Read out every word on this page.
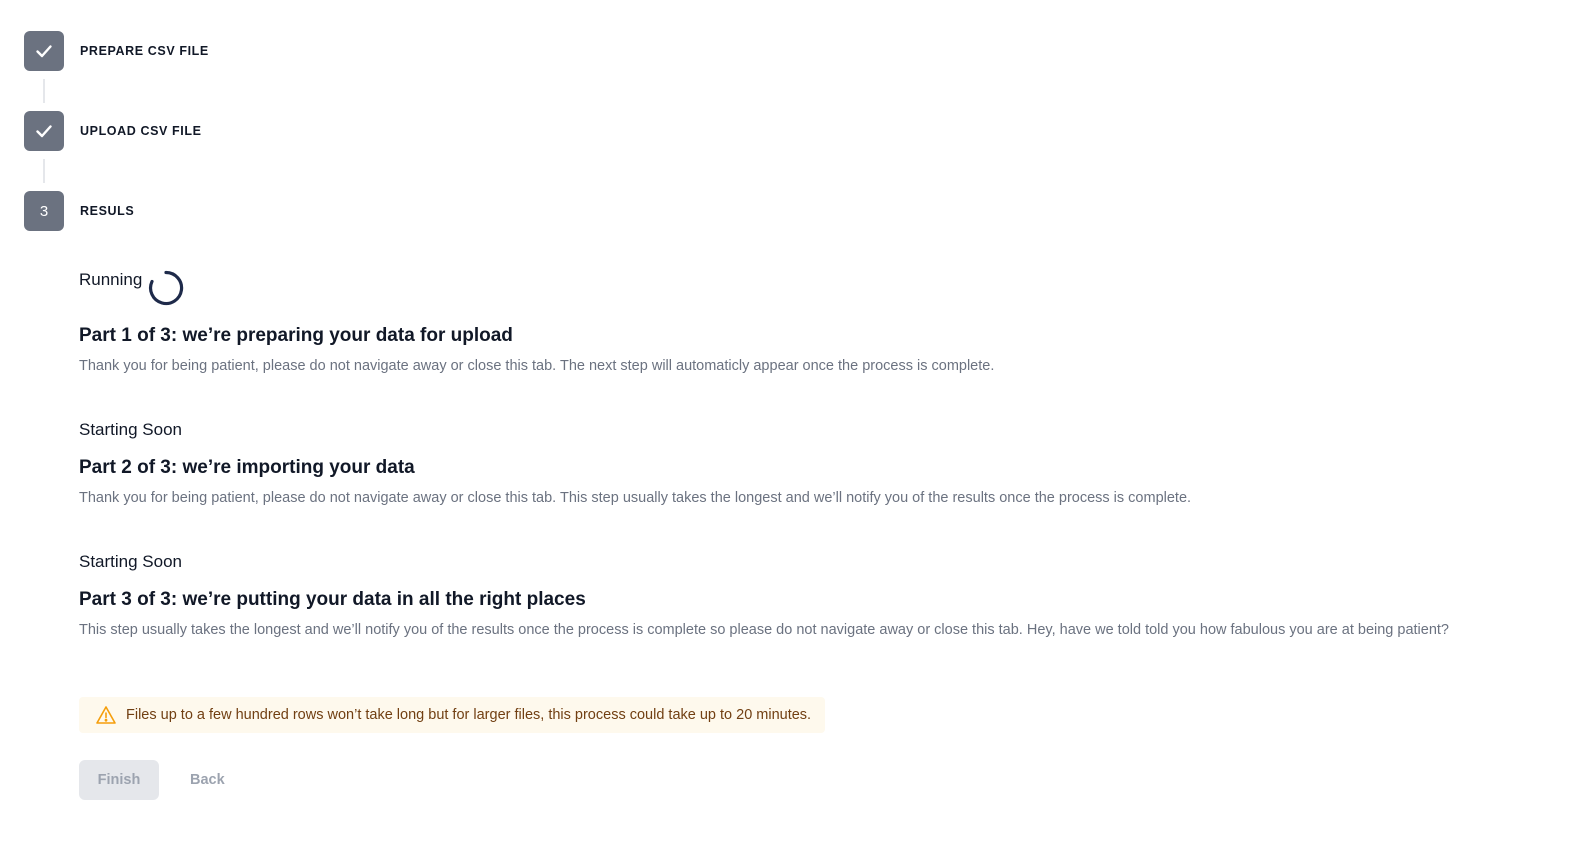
PREPARE CSV FILE
UPLOAD CSV FILE
3	RESULS
Running
Part 1 of 3: we’re preparing your data for upload

Thank you for being patient, please do not navigate away or close this tab. The next step will automaticly appear once the process is complete.

Starting Soon
Part 2 of 3: we’re importing your data

Thank you for being patient, please do not navigate away or close this tab. This step usually takes the longest and we’ll notify you of the results once the process is complete.

Starting Soon
Part 3 of 3: we’re putting your data in all the right places

This step usually takes the longest and we’ll notify you of the results once the process is complete so please do not navigate away or close this tab. Hey, have we told told you how fabulous you are at being patient?

Files up to a few hundred rows won’t take long but for larger files, this process could take up to 20 minutes.
Finish	Back
